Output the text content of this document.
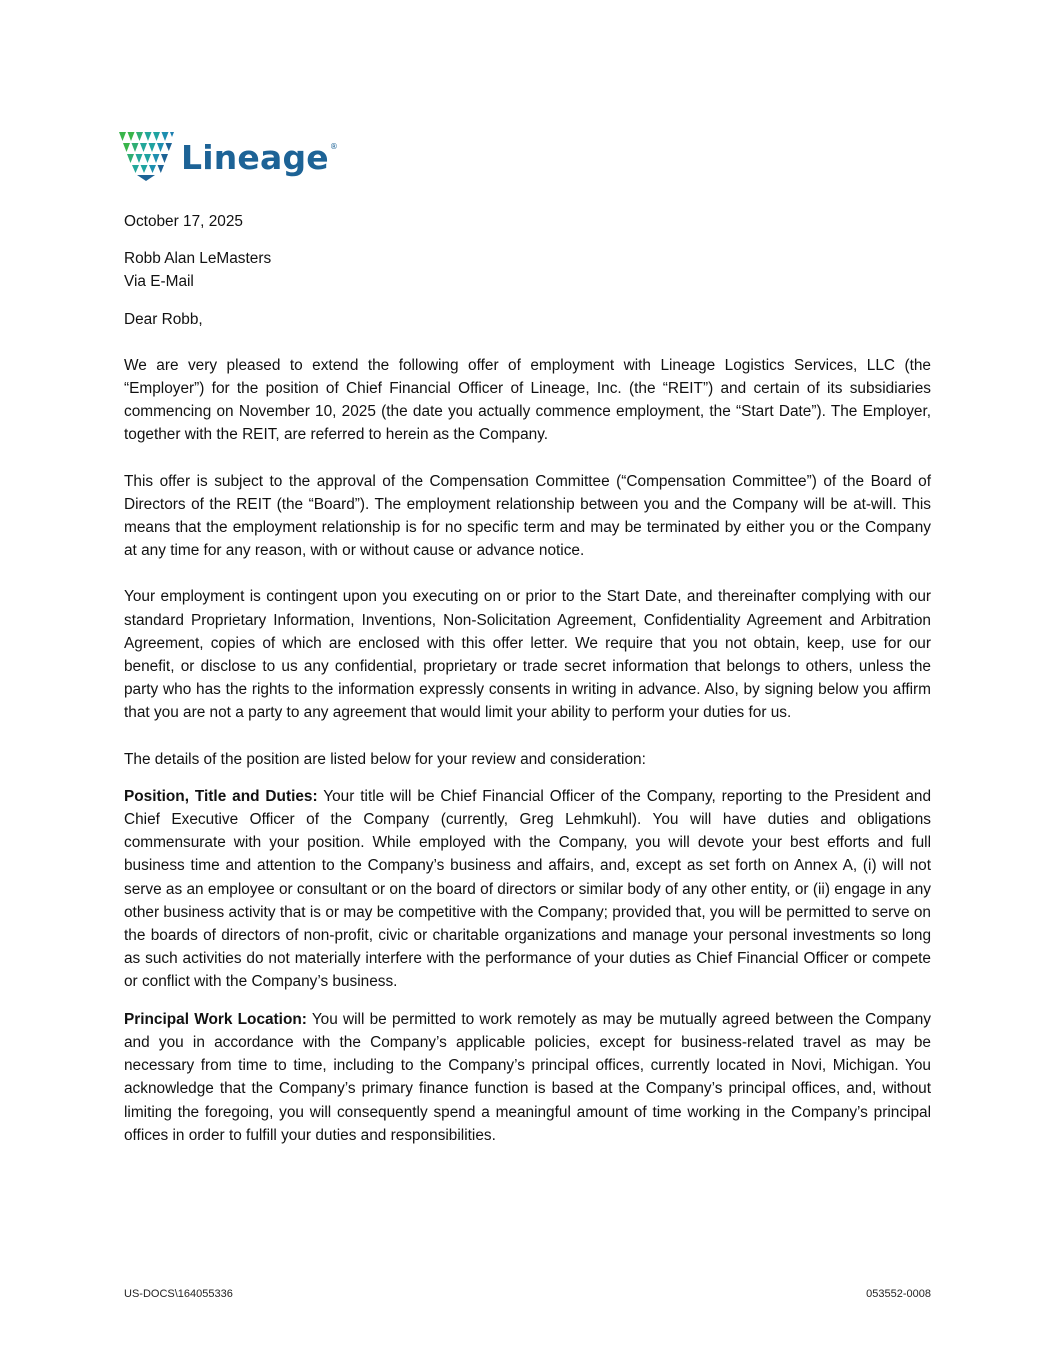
Lineage ®

October 17, 2025

Robb Alan LeMasters

Via E-Mail

Dear Robb,

We are very pleased to extend the following offer of employment with Lineage Logistics Services, LLC (the “Employer”) for the position of Chief Financial Officer of Lineage, Inc. (the “REIT”) and certain of its subsidiaries commencing on November 10, 2025 (the date you actually commence employment, the “Start Date”). The Employer, together with the REIT, are referred to herein as the Company.

This offer is subject to the approval of the Compensation Committee (“Compensation Committee”) of the Board of Directors of the REIT (the “Board”). The employment relationship between you and the Company will be at-will. This means that the employment relationship is for no specific term and may be terminated by either you or the Company at any time for any reason, with or without cause or advance notice.

Your employment is contingent upon you executing on or prior to the Start Date, and thereinafter complying with our standard Proprietary Information, Inventions, Non-Solicitation Agreement, Confidentiality Agreement and Arbitration Agreement, copies of which are enclosed with this offer letter. We require that you not obtain, keep, use for our benefit, or disclose to us any confidential, proprietary or trade secret information that belongs to others, unless the party who has the rights to the information expressly consents in writing in advance. Also, by signing below you affirm that you are not a party to any agreement that would limit your ability to perform your duties for us.

The details of the position are listed below for your review and consideration:

Position, Title and Duties: Your title will be Chief Financial Officer of the Company, reporting to the President and Chief Executive Officer of the Company (currently, Greg Lehmkuhl). You will have duties and obligations commensurate with your position. While employed with the Company, you will devote your best efforts and full business time and attention to the Company’s business and affairs, and, except as set forth on Annex A, (i) will not serve as an employee or consultant or on the board of directors or similar body of any other entity, or (ii) engage in any other business activity that is or may be competitive with the Company; provided that, you will be permitted to serve on the boards of directors of non-profit, civic or charitable organizations and manage your personal investments so long as such activities do not materially interfere with the performance of your duties as Chief Financial Officer or compete or conflict with the Company’s business.

Principal Work Location: You will be permitted to work remotely as may be mutually agreed between the Company and you in accordance with the Company’s applicable policies, except for business-related travel as may be necessary from time to time, including to the Company’s principal offices, currently located in Novi, Michigan. You acknowledge that the Company’s primary finance function is based at the Company’s principal offices, and, without limiting the foregoing, you will consequently spend a meaningful amount of time working in the Company’s principal offices in order to fulfill your duties and responsibilities.

US-DOCS\164055336	053552-0008
